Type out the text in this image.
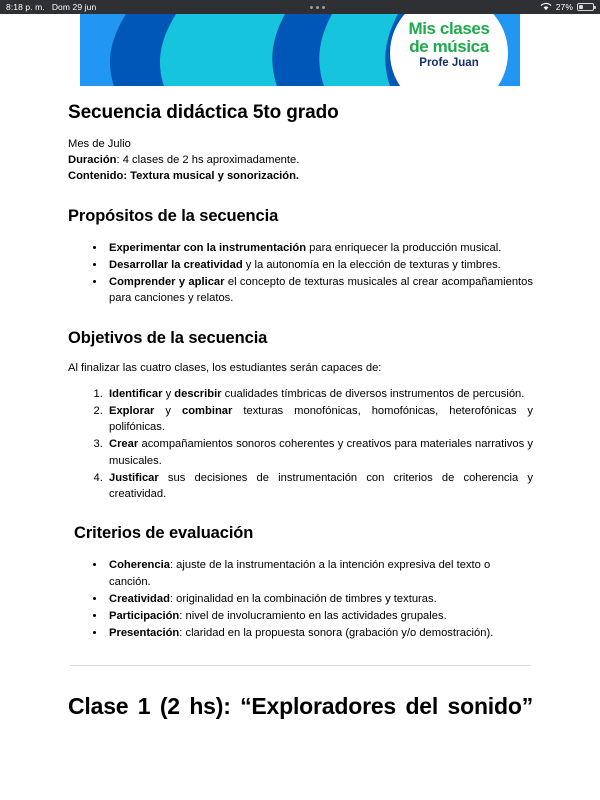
8:18 p. m. Dom 29 jun	27%
Mis clases
de música
Profe Juan
Secuencia didáctica 5to grado
Mes de Julio
Duración: 4 clases de 2 hs aproximadamente.
Contenido: Textura musical y sonorización.
Propósitos de la secuencia
• Experimentar con la instrumentación para enriquecer la producción musical.
• Desarrollar la creatividad y la autonomía en la elección de texturas y timbres.
• Comprender y aplicar el concepto de texturas musicales al crear acompañamientos para canciones y relatos.
Objetivos de la secuencia

Al finalizar las cuatro clases, los estudiantes serán capaces de:

1. Identificar y describir cualidades tímbricas de diversos instrumentos de percusión.
2. Explorar y combinar texturas monofónicas, homofónicas, heterofónicas y polifónicas.
3. Crear acompañamientos sonoros coherentes y creativos para materiales narrativos y musicales.
4. Justificar sus decisiones de instrumentación con criterios de coherencia y creatividad.
Criterios de evaluación
• Coherencia: ajuste de la instrumentación a la intención expresiva del texto o canción.
• Creatividad: originalidad en la combinación de timbres y texturas.
• Participación: nivel de involucramiento en las actividades grupales.
• Presentación: claridad en la propuesta sonora (grabación y/o demostración).
Clase 1 (2 hs): “Exploradores del sonido”
